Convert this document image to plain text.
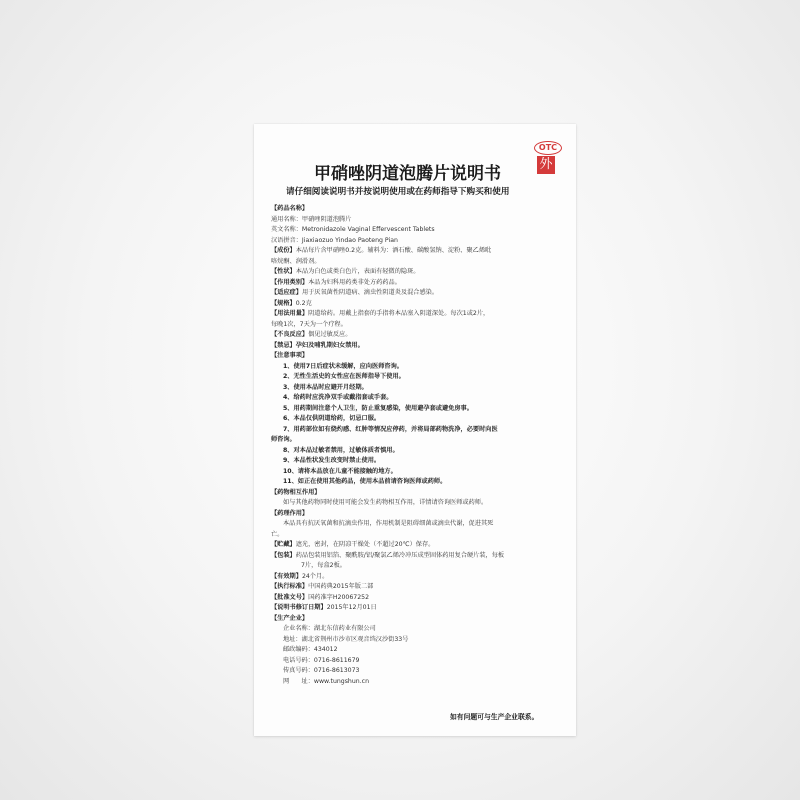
OTC
外
甲硝唑阴道泡腾片说明书
请仔细阅读说明书并按说明使用或在药师指导下购买和使用
【药品名称】
通用名称：甲硝唑阴道泡腾片
英文名称：Metronidazole Vaginal Effervescent Tablets
汉语拼音：Jiaxiaozuo Yindao Paoteng Pian
【成份】本品每片含甲硝唑0.2克。辅料为：酒石酸、碳酸氢钠、淀粉、聚乙烯吡
咯烷酮、润滑剂。
【性状】本品为白色或类白色片，表面有轻微的隐斑。
【作用类别】本品为妇科用药类非处方药药品。
【适应症】用于厌氧菌性阴道病、滴虫性阴道炎及混合感染。
【规格】0.2克
【用法用量】阴道给药。用戴上指套的手指将本品塞入阴道深处。每次1或2片，
每晚1次，7天为一个疗程。
【不良反应】偶见过敏反应。
【禁忌】孕妇及哺乳期妇女禁用。
【注意事项】
1、使用7日后症状未缓解，应向医师咨询。
2、无性生活史的女性应在医师指导下使用。
3、使用本品时应避开月经期。
4、给药时应洗净双手或戴指套或手套。
5、用药期间注意个人卫生，防止重复感染，使用避孕套或避免房事。
6、本品仅供阴道给药，切忌口服。
7、用药部位如有烧灼感、红肿等情况应停药，并将局部药物洗净，必要时向医
师咨询。
8、对本品过敏者禁用，过敏体质者慎用。
9、本品性状发生改变时禁止使用。
10、请将本品放在儿童不能接触的地方。
11、如正在使用其他药品，使用本品前请咨询医师或药师。
【药物相互作用】
如与其他药物同时使用可能会发生药物相互作用，详情请咨询医师或药师。
【药理作用】
本品具有抗厌氧菌和抗滴虫作用，作用机制是阻碍细菌或滴虫代谢，促进其死
亡。
【贮藏】遮光，密封，在阴凉干燥处（不超过20℃）保存。
【包装】药品包装用铝箔、聚酰胺/铝/聚氯乙烯冷冲压成型固体药用复合硬片装，每板
7片，每盒2板。
【有效期】24个月。
【执行标准】中国药典2015年版二部
【批准文号】国药准字H20067252
【说明书修订日期】2015年12月01日
【生产企业】
企业名称：湖北东信药业有限公司
地址：湖北省荆州市沙市区观音垱汉沙街33号
邮政编码：434012
电话号码：0716-8611679
传真号码：0716-8613073
网　　址：www.tungshun.cn
如有问题可与生产企业联系。
